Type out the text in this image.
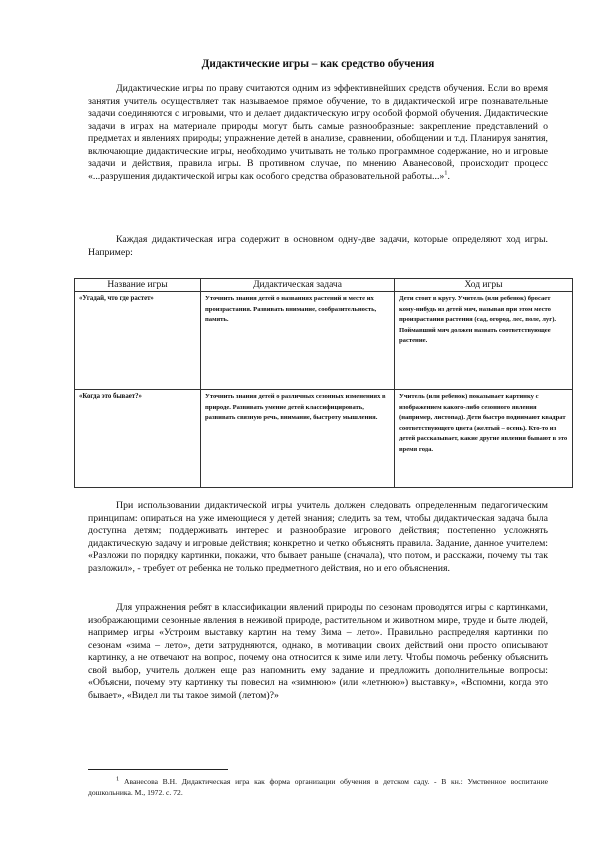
Дидактические игры – как средство обучения

Дидактические игры по праву считаются одним из эффективнейших средств обучения. Если во время занятия учитель осуществляет так называемое прямое обучение, то в дидактической игре познавательные задачи соединяются с игровыми, что и делает дидактическую игру особой формой обучения. Дидактические задачи в играх на материале природы могут быть самые разнообразные: закрепление представлений о предметах и явлениях природы; упражнение детей в анализе, сравнении, обобщении и т.д. Планируя занятия, включающие дидактические игры, необходимо учитывать не только программное содержание, но и игровые задачи и действия, правила игры. В противном случае, по мнению Аванесовой, происходит процесс «...разрушения дидактической игры как особого средства образовательной работы...»$^1$.

Каждая дидактическая игра содержит в основном одну-две задачи, которые определяют ход игры. Например:

Название игры	Дидактическая задача	Ход игры
«Угадай, что где растет»	Уточнить знания детей о названиях растений и месте их произрастания. Развивать внимание, сообразительность, память.	Дети стоят в кругу. Учитель (или ребенок) бросает кому-нибудь из детей мяч, называя при этом место произрастания растения (сад, огород, лес, поле, луг). Поймавший мяч должен назвать соответствующее растение.
«Когда это бывает?»	Уточнить знания детей о различных сезонных изменениях в природе. Развивать умение детей классифицировать, развивать связную речь, внимание, быстроту мышления.	Учитель (или ребенок) показывает картинку с изображением какого-либо сезонного явления (например, листопад). Дети быстро поднимают квадрат соответствующего цвета (желтый – осень). Кто-то из детей рассказывает, какие другие явления бывают в это время года.

При использовании дидактической игры учитель должен следовать определенным педагогическим принципам: опираться на уже имеющиеся у детей знания; следить за тем, чтобы дидактическая задача была доступна детям; поддерживать интерес и разнообразие игрового действия; постепенно усложнять дидактическую задачу и игровые действия; конкретно и четко объяснять правила. Задание, данное учителем: «Разложи по порядку картинки, покажи, что бывает раньше (сначала), что потом, и расскажи, почему ты так разложил», - требует от ребенка не только предметного действия, но и его объяснения.

Для упражнения ребят в классификации явлений природы по сезонам проводятся игры с картинками, изображающими сезонные явления в неживой природе, растительном и животном мире, труде и быте людей, например игры «Устроим выставку картин на тему Зима – лето». Правильно распределяя картинки по сезонам «зима – лето», дети затрудняются, однако, в мотивации своих действий они просто описывают картинку, а не отвечают на вопрос, почему она относится к зиме или лету. Чтобы помочь ребенку объяснить свой выбор, учитель должен еще раз напомнить ему задание и предложить дополнительные вопросы: «Объясни, почему эту картинку ты повесил на «зимнюю» (или «летнюю») выставку», «Вспомни, когда это бывает», «Видел ли ты такое зимой (летом)?»

$^1$ Аванесова В.Н. Дидактическая игра как форма организации обучения в детском саду. - В кн.: Умственное воспитание дошкольника. М., 1972. с. 72.
